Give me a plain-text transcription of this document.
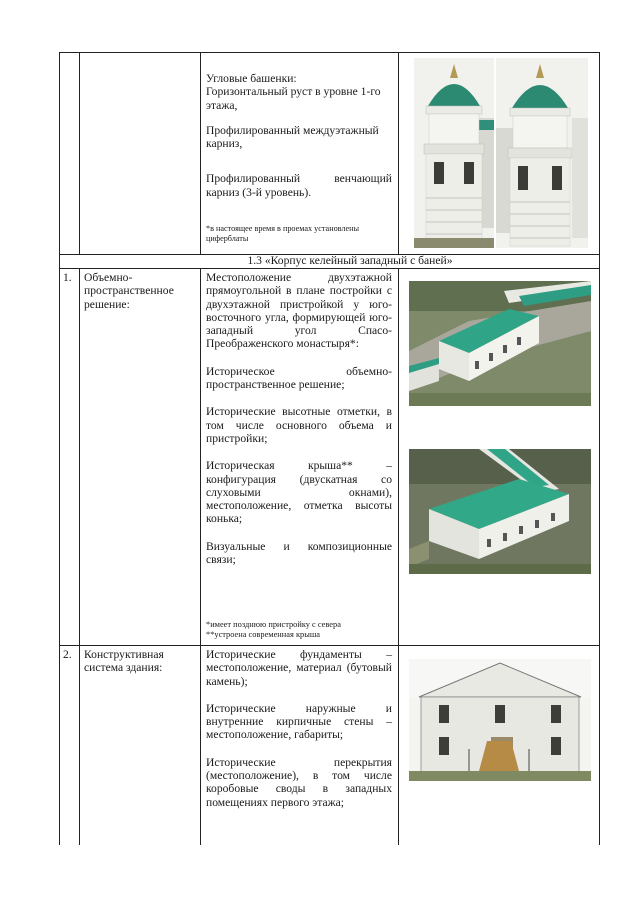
Угловые башенки:
Горизонтальный руст в уровне 1-го этажа,

Профилированный междуэтажный карниз,

Профилированный венчающий карниз (3-й уровень).

*в настоящее время в проемах установлены циферблаты

1.3 «Корпус келейный западный с баней»
1. Объемно-пространственное решение:

Местоположение двухэтажной прямоугольной в плане постройки с двухэтажной пристройкой у юго-восточного угла, формирующей юго-западный угол Спасо-Преображенского монастыря*:

Историческое объемно-пространственное решение;

Исторические высотные отметки, в том числе основного объема и пристройки;

Историческая крыша** – конфигурация (двускатная со слуховыми окнами), местоположение, отметка высоты конька;

Визуальные и композиционные связи;

*имеет позднюю пристройку с севера

**устроена современная крыша

2. Конструктивная система здания:

Исторические фундаменты – местоположение, материал (бутовый камень);

Исторические наружные и внутренние кирпичные стены – местоположение, габариты;

Исторические перекрытия (местоположение), в том числе коробовые своды в западных помещениях первого этажа;
